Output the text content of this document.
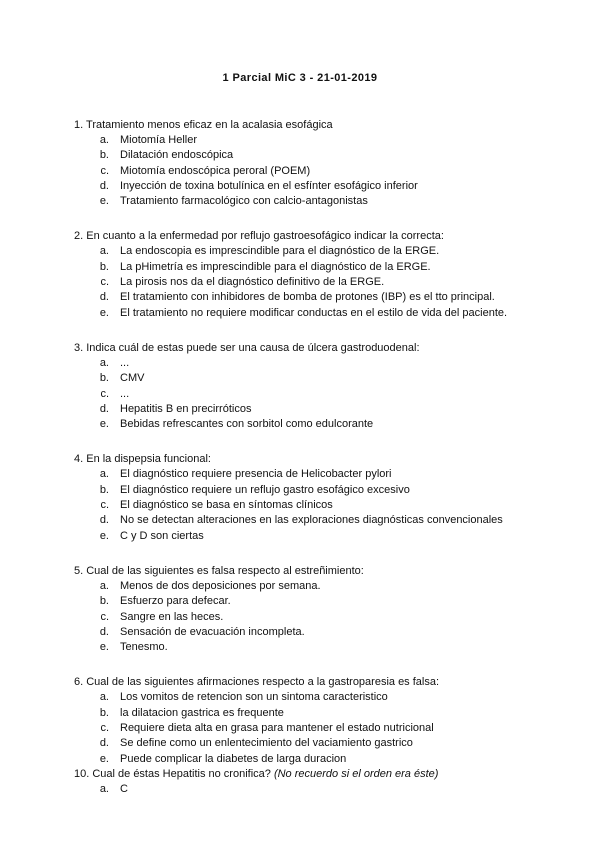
1 Parcial MiC 3 - 21-01-2019
1. Tratamiento menos eficaz en la acalasia esofágica
a.	Miotomía Heller
b.	Dilatación endoscópica
c.	Miotomía endoscópica peroral (POEM)
d.	Inyección de toxina botulínica en el esfínter esofágico inferior
e.	Tratamiento farmacológico con calcio-antagonistas
2. En cuanto a la enfermedad por reflujo gastroesofágico indicar la correcta:
a.	La endoscopia es imprescindible para el diagnóstico de la ERGE.
b.	La pHimetría es imprescindible para el diagnóstico de la ERGE.
c.	La pirosis nos da el diagnóstico definitivo de la ERGE.
d.	El tratamiento con inhibidores de bomba de protones (IBP) es el tto principal.
e.	El tratamiento no requiere modificar conductas en el estilo de vida del paciente.
3. Indica cuál de estas puede ser una causa de úlcera gastroduodenal:
a.	...
b.	CMV
c.	...
d.	Hepatitis B en precirróticos
e.	Bebidas refrescantes con sorbitol como edulcorante
4. En la dispepsia funcional:
a.	El diagnóstico requiere presencia de Helicobacter pylori
b.	El diagnóstico requiere un reflujo gastro esofágico excesivo
c.	El diagnóstico se basa en síntomas clínicos
d.	No se detectan alteraciones en las exploraciones diagnósticas convencionales
e.	C y D son ciertas
5. Cual de las siguientes es falsa respecto al estreñimiento:
a.	Menos de dos deposiciones por semana.
b.	Esfuerzo para defecar.
c.	Sangre en las heces.
d.	Sensación de evacuación incompleta.
e.	Tenesmo.
6. Cual de las siguientes afirmaciones respecto a la gastroparesia es falsa:
a.	Los vomitos de retencion son un sintoma caracteristico
b.	la dilatacion gastrica es frequente
c.	Requiere dieta alta en grasa para mantener el estado nutricional
d.	Se define como un enlentecimiento del vaciamiento gastrico
e.	Puede complicar la diabetes de larga duracion
10. Cual de éstas Hepatitis no cronifica? (No recuerdo si el orden era éste)
a.	C
